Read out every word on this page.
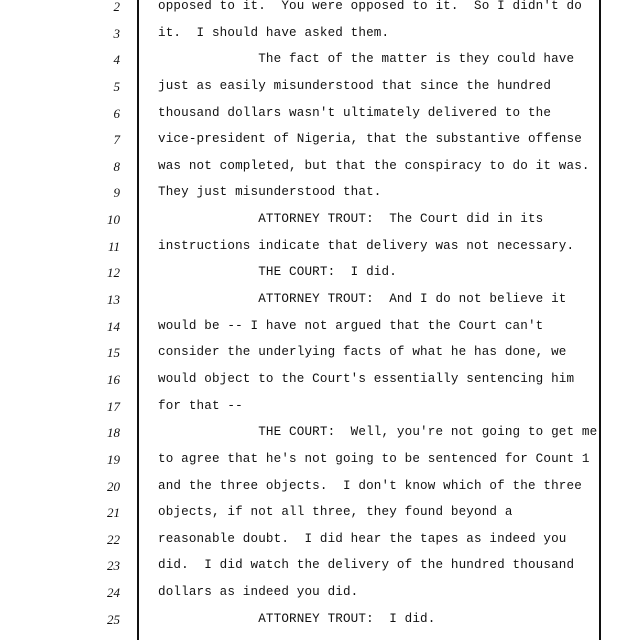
2	opposed to it.  You were opposed to it.  So I didn't do
3	it.  I should have asked them.
4	The fact of the matter is they could have
5	just as easily misunderstood that since the hundred
6	thousand dollars wasn't ultimately delivered to the
7	vice-president of Nigeria, that the substantive offense
8	was not completed, but that the conspiracy to do it was.
9	They just misunderstood that.
10	ATTORNEY TROUT:  The Court did in its
11	instructions indicate that delivery was not necessary.
12	THE COURT:  I did.
13	ATTORNEY TROUT:  And I do not believe it
14	would be -- I have not argued that the Court can't
15	consider the underlying facts of what he has done, we
16	would object to the Court's essentially sentencing him
17	for that --
18	THE COURT:  Well, you're not going to get me
19	to agree that he's not going to be sentenced for Count 1
20	and the three objects.  I don't know which of the three
21	objects, if not all three, they found beyond a
22	reasonable doubt.  I did hear the tapes as indeed you
23	did.  I did watch the delivery of the hundred thousand
24	dollars as indeed you did.
25	ATTORNEY TROUT:  I did.
